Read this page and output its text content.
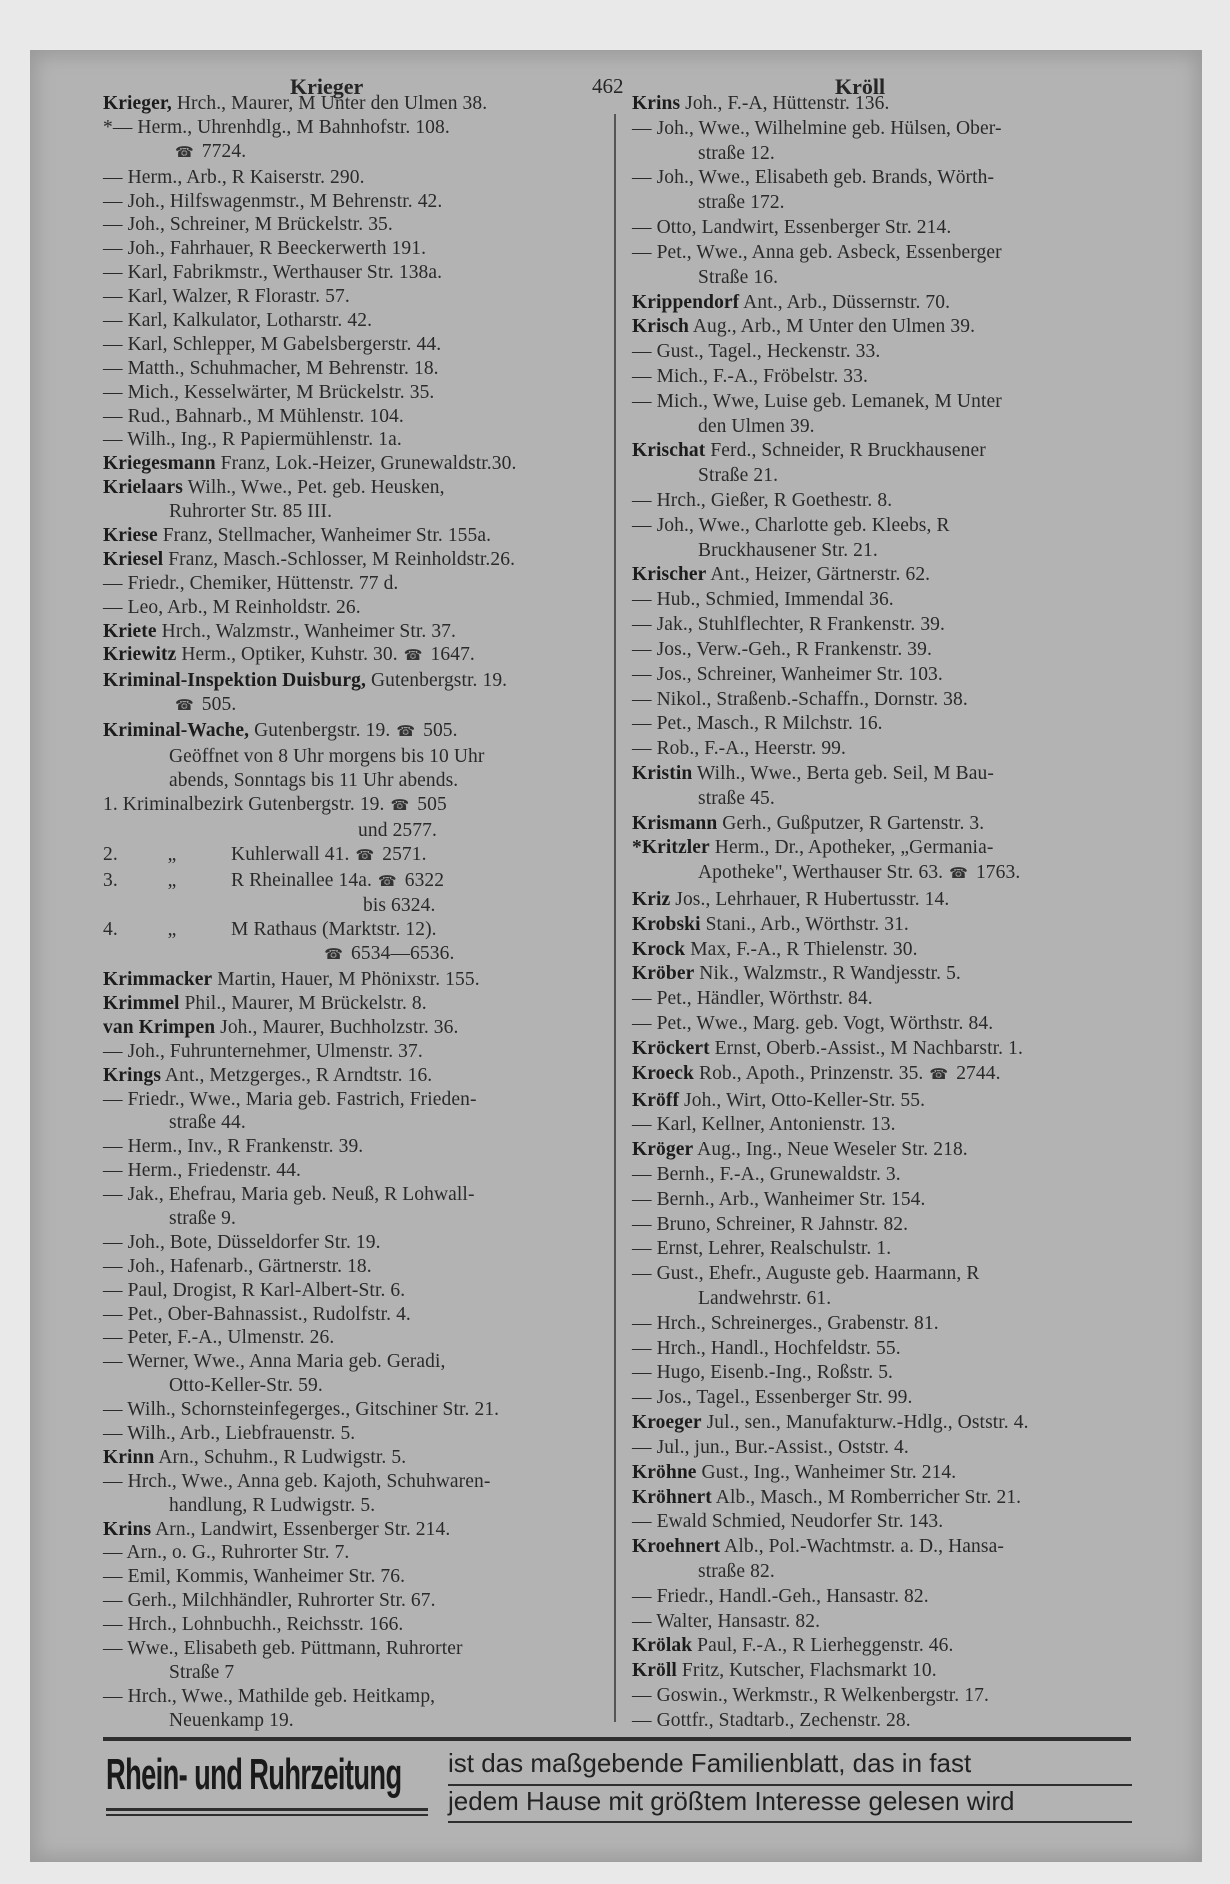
Krieger	462	Kröll
Krieger, Hrch., Maurer, M Unter den Ulmen 38.
*— Herm., Uhrenhdlg., M Bahnhofstr. 108.
☎ 7724.
— Herm., Arb., R Kaiserstr. 290.
— Joh., Hilfswagenmstr., M Behrenstr. 42.
— Joh., Schreiner, M Brückelstr. 35.
— Joh., Fahrhauer, R Beeckerwerth 191.
— Karl, Fabrikmstr., Werthauser Str. 138a.
— Karl, Walzer, R Florastr. 57.
— Karl, Kalkulator, Lotharstr. 42.
— Karl, Schlepper, M Gabelsbergerstr. 44.
— Matth., Schuhmacher, M Behrenstr. 18.
— Mich., Kesselwärter, M Brückelstr. 35.
— Rud., Bahnarb., M Mühlenstr. 104.
— Wilh., Ing., R Papiermühlenstr. 1a.
Kriegesmann Franz, Lok.-Heizer, Grunewaldstr.30.
Krielaars Wilh., Wwe., Pet. geb. Heusken,
Ruhrorter Str. 85 III.
Kriese Franz, Stellmacher, Wanheimer Str. 155a.
Kriesel Franz, Masch.-Schlosser, M Reinholdstr.26.
— Friedr., Chemiker, Hüttenstr. 77 d.
— Leo, Arb., M Reinholdstr. 26.
Kriete Hrch., Walzmstr., Wanheimer Str. 37.
Kriewitz Herm., Optiker, Kuhstr. 30. ☎ 1647.
Kriminal-Inspektion Duisburg, Gutenbergstr. 19.
☎ 505.
Kriminal-Wache, Gutenbergstr. 19. ☎ 505.
Geöffnet von 8 Uhr morgens bis 10 Uhr
abends, Sonntags bis 11 Uhr abends.
1. Kriminalbezirk Gutenbergstr. 19. ☎ 505
und 2577.
2.          „           Kuhlerwall 41. ☎ 2571.
3.          „           R Rheinallee 14a. ☎ 6322
bis 6324.
4.          „           M Rathaus (Marktstr. 12).
☎ 6534—6536.
Krimmacker Martin, Hauer, M Phönixstr. 155.
Krimmel Phil., Maurer, M Brückelstr. 8.
van Krimpen Joh., Maurer, Buchholzstr. 36.
— Joh., Fuhrunternehmer, Ulmenstr. 37.
Krings Ant., Metzgerges., R Arndtstr. 16.
— Friedr., Wwe., Maria geb. Fastrich, Frieden-
straße 44.
— Herm., Inv., R Frankenstr. 39.
— Herm., Friedenstr. 44.
— Jak., Ehefrau, Maria geb. Neuß, R Lohwall-
straße 9.
— Joh., Bote, Düsseldorfer Str. 19.
— Joh., Hafenarb., Gärtnerstr. 18.
— Paul, Drogist, R Karl-Albert-Str. 6.
— Pet., Ober-Bahnassist., Rudolfstr. 4.
— Peter, F.-A., Ulmenstr. 26.
— Werner, Wwe., Anna Maria geb. Geradi,
Otto-Keller-Str. 59.
— Wilh., Schornsteinfegerges., Gitschiner Str. 21.
— Wilh., Arb., Liebfrauenstr. 5.
Krinn Arn., Schuhm., R Ludwigstr. 5.
— Hrch., Wwe., Anna geb. Kajoth, Schuhwaren-
handlung, R Ludwigstr. 5.
Krins Arn., Landwirt, Essenberger Str. 214.
— Arn., o. G., Ruhrorter Str. 7.
— Emil, Kommis, Wanheimer Str. 76.
— Gerh., Milchhändler, Ruhrorter Str. 67.
— Hrch., Lohnbuchh., Reichsstr. 166.
— Wwe., Elisabeth geb. Püttmann, Ruhrorter
Straße 7
— Hrch., Wwe., Mathilde geb. Heitkamp,
Neuenkamp 19.
Krins Joh., F.-A, Hüttenstr. 136.
— Joh., Wwe., Wilhelmine geb. Hülsen, Ober-
straße 12.
— Joh., Wwe., Elisabeth geb. Brands, Wörth-
straße 172.
— Otto, Landwirt, Essenberger Str. 214.
— Pet., Wwe., Anna geb. Asbeck, Essenberger
Straße 16.
Krippendorf Ant., Arb., Düssernstr. 70.
Krisch Aug., Arb., M Unter den Ulmen 39.
— Gust., Tagel., Heckenstr. 33.
— Mich., F.-A., Fröbelstr. 33.
— Mich., Wwe, Luise geb. Lemanek, M Unter
den Ulmen 39.
Krischat Ferd., Schneider, R Bruckhausener
Straße 21.
— Hrch., Gießer, R Goethestr. 8.
— Joh., Wwe., Charlotte geb. Kleebs, R
Bruckhausener Str. 21.
Krischer Ant., Heizer, Gärtnerstr. 62.
— Hub., Schmied, Immendal 36.
— Jak., Stuhlflechter, R Frankenstr. 39.
— Jos., Verw.-Geh., R Frankenstr. 39.
— Jos., Schreiner, Wanheimer Str. 103.
— Nikol., Straßenb.-Schaffn., Dornstr. 38.
— Pet., Masch., R Milchstr. 16.
— Rob., F.-A., Heerstr. 99.
Kristin Wilh., Wwe., Berta geb. Seil, M Bau-
straße 45.
Krismann Gerh., Gußputzer, R Gartenstr. 3.
*Kritzler Herm., Dr., Apotheker, „Germania-
Apotheke", Werthauser Str. 63. ☎ 1763.
Kriz Jos., Lehrhauer, R Hubertusstr. 14.
Krobski Stani., Arb., Wörthstr. 31.
Krock Max, F.-A., R Thielenstr. 30.
Kröber Nik., Walzmstr., R Wandjesstr. 5.
— Pet., Händler, Wörthstr. 84.
— Pet., Wwe., Marg. geb. Vogt, Wörthstr. 84.
Kröckert Ernst, Oberb.-Assist., M Nachbarstr. 1.
Kroeck Rob., Apoth., Prinzenstr. 35. ☎ 2744.
Kröff Joh., Wirt, Otto-Keller-Str. 55.
— Karl, Kellner, Antonienstr. 13.
Kröger Aug., Ing., Neue Weseler Str. 218.
— Bernh., F.-A., Grunewaldstr. 3.
— Bernh., Arb., Wanheimer Str. 154.
— Bruno, Schreiner, R Jahnstr. 82.
— Ernst, Lehrer, Realschulstr. 1.
— Gust., Ehefr., Auguste geb. Haarmann, R
Landwehrstr. 61.
— Hrch., Schreinerges., Grabenstr. 81.
— Hrch., Handl., Hochfeldstr. 55.
— Hugo, Eisenb.-Ing., Roßstr. 5.
— Jos., Tagel., Essenberger Str. 99.
Kroeger Jul., sen., Manufakturw.-Hdlg., Oststr. 4.
— Jul., jun., Bur.-Assist., Oststr. 4.
Kröhne Gust., Ing., Wanheimer Str. 214.
Kröhnert Alb., Masch., M Romberricher Str. 21.
— Ewald Schmied, Neudorfer Str. 143.
Kroehnert Alb., Pol.-Wachtmstr. a. D., Hansa-
straße 82.
— Friedr., Handl.-Geh., Hansastr. 82.
— Walter, Hansastr. 82.
Krölak Paul, F.-A., R Lierheggenstr. 46.
Kröll Fritz, Kutscher, Flachsmarkt 10.
— Goswin., Werkmstr., R Welkenbergstr. 17.
— Gottfr., Stadtarb., Zechenstr. 28.
Rhein- und Ruhrzeitung ist das maßgebende Familienblatt, das in fast
jedem Hause mit größtem Interesse gelesen wird
